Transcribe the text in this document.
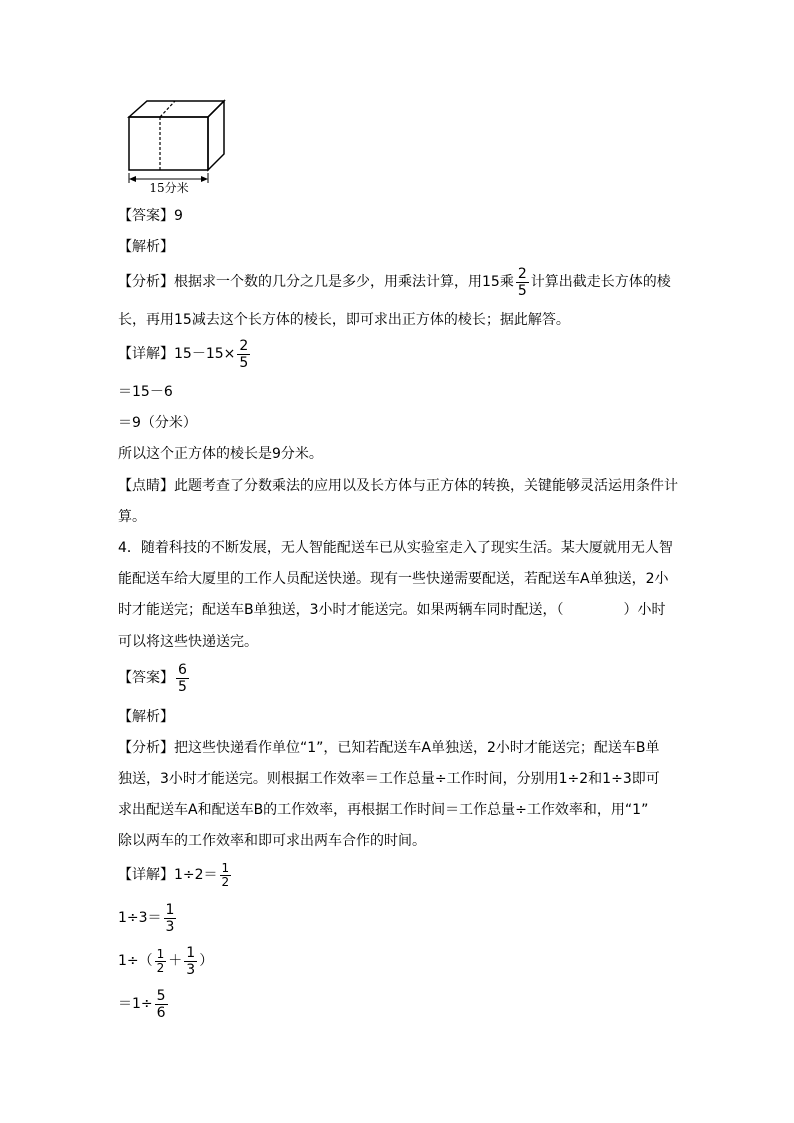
15分米
【答案】9
【解析】
【分析】根据求一个数的几分之几是多少，用乘法计算，用15乘 $\frac{2}{5}$ 计算出截走长方体的棱
长，再用15减去这个长方体的棱长，即可求出正方体的棱长；据此解答。
【详解】$15-15\times \frac{2}{5}$
＝15－6
＝9（分米）
所以这个正方体的棱长是9分米。
【点睛】此题考查了分数乘法的应用以及长方体与正方体的转换，关键能够灵活运用条件计
算。
4．随着科技的不断发展，无人智能配送车已从实验室走入了现实生活。某大厦就用无人智
能配送车给大厦里的工作人员配送快递。现有一些快递需要配送，若配送车A单独送，2小
时才能送完；配送车B单独送，3小时才能送完。如果两辆车同时配送，（	）小时
可以将这些快递送完。
【答案】 $\frac{6}{5}$
【解析】
【分析】把这些快递看作单位“1”，已知若配送车A单独送，2小时才能送完；配送车B单
独送，3小时才能送完。则根据工作效率＝工作总量÷工作时间，分别用1÷2和1÷3即可
求出配送车A和配送车B的工作效率，再根据工作时间＝工作总量÷工作效率和，用“1”
除以两车的工作效率和即可求出两车合作的时间。
【详解】$1\div 2= \frac{1}{2}$
$1\div 3= \frac{1}{3}$
$1\div( \frac{1}{2} + \frac{1}{3}$ ）
$=1\div \frac{5}{6}$
